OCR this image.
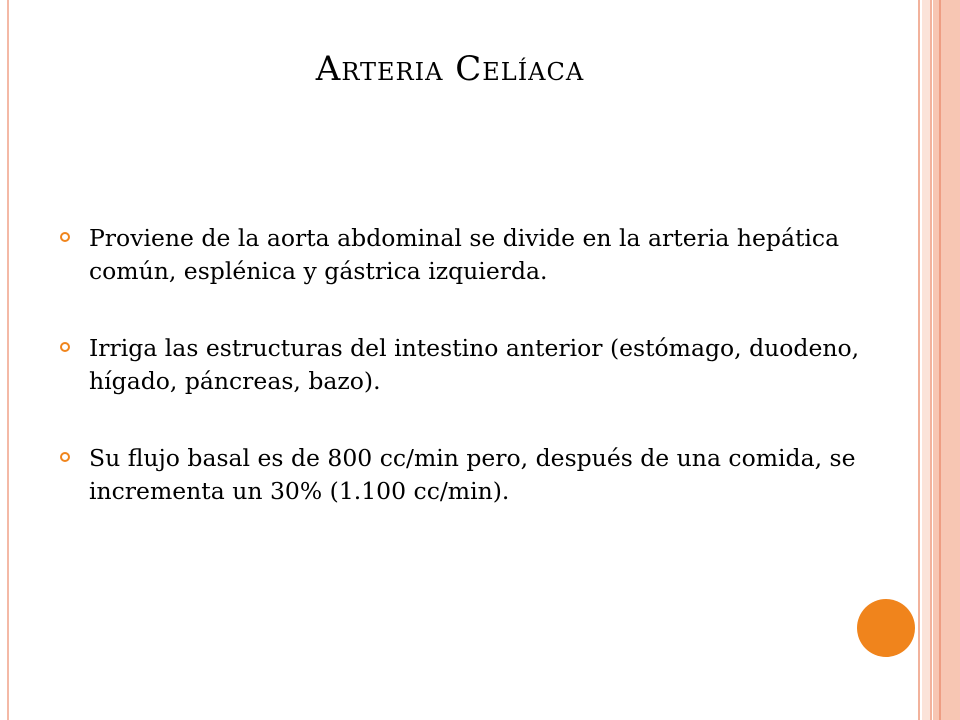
Arteria Celíaca
Proviene de la aorta abdominal se divide en la arteria hepática común, esplénica y gástrica izquierda.
Irriga las estructuras del intestino anterior (estómago, duodeno, hígado, páncreas, bazo).
Su flujo basal es de 800 cc/min pero, después de una comida, se incrementa un 30% (1.100 cc/min).
